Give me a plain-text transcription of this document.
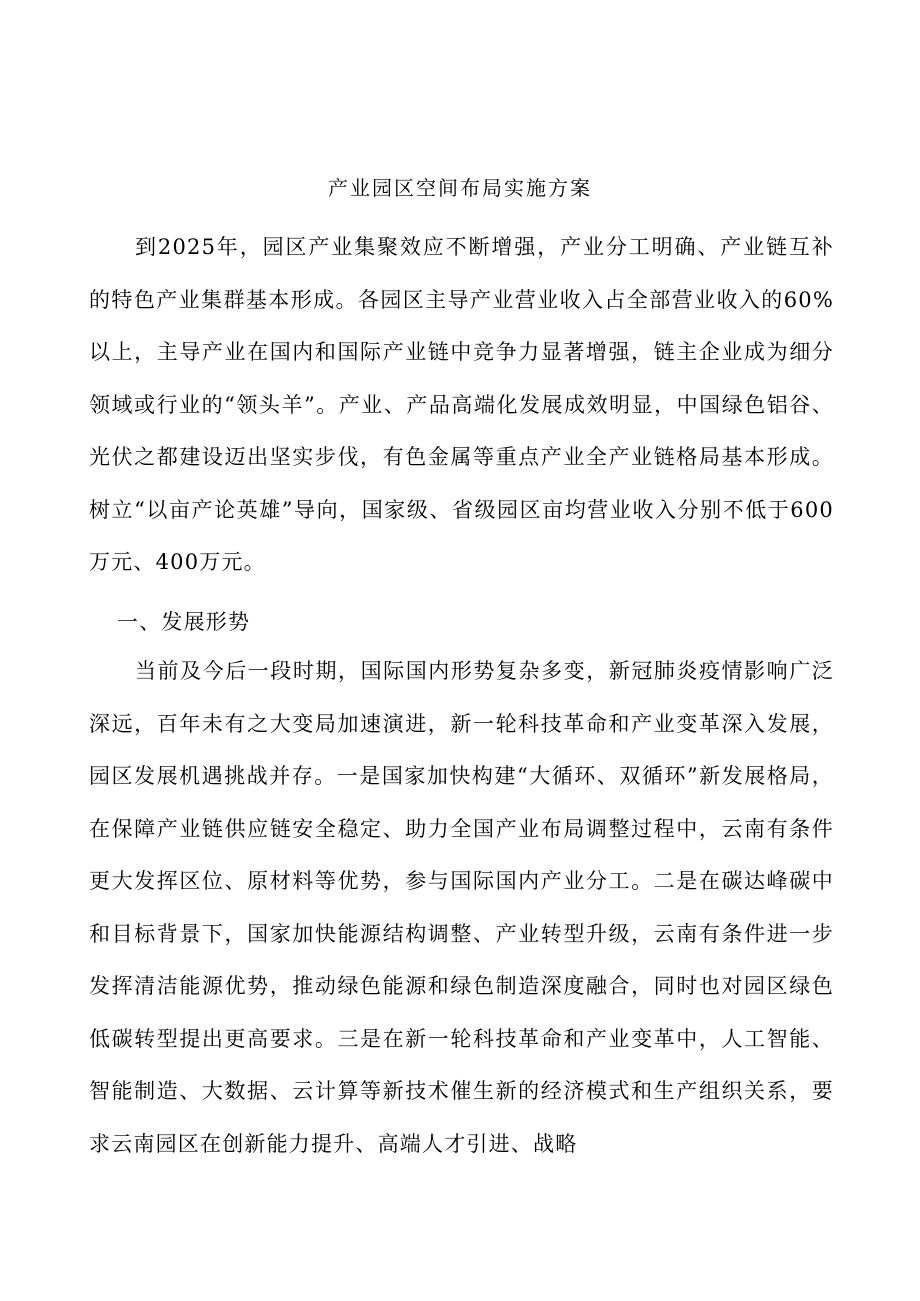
产业园区空间布局实施方案

到2025年，园区产业集聚效应不断增强，产业分工明确、产业链互补的特色产业集群基本形成。各园区主导产业营业收入占全部营业收入的60%以上，主导产业在国内和国际产业链中竞争力显著增强，链主企业成为细分领域或行业的“领头羊”。产业、产品高端化发展成效明显，中国绿色铝谷、光伏之都建设迈出坚实步伐，有色金属等重点产业全产业链格局基本形成。树立“以亩产论英雄”导向，国家级、省级园区亩均营业收入分别不低于600万元、400万元。

一、发展形势

当前及今后一段时期，国际国内形势复杂多变，新冠肺炎疫情影响广泛深远，百年未有之大变局加速演进，新一轮科技革命和产业变革深入发展，园区发展机遇挑战并存。一是国家加快构建“大循环、双循环”新发展格局，在保障产业链供应链安全稳定、助力全国产业布局调整过程中，云南有条件更大发挥区位、原材料等优势，参与国际国内产业分工。二是在碳达峰碳中和目标背景下，国家加快能源结构调整、产业转型升级，云南有条件进一步发挥清洁能源优势，推动绿色能源和绿色制造深度融合，同时也对园区绿色低碳转型提出更高要求。三是在新一轮科技革命和产业变革中，人工智能、智能制造、大数据、云计算等新技术催生新的经济模式和生产组织关系，要求云南园区在创新能力提升、高端人才引进、战略
